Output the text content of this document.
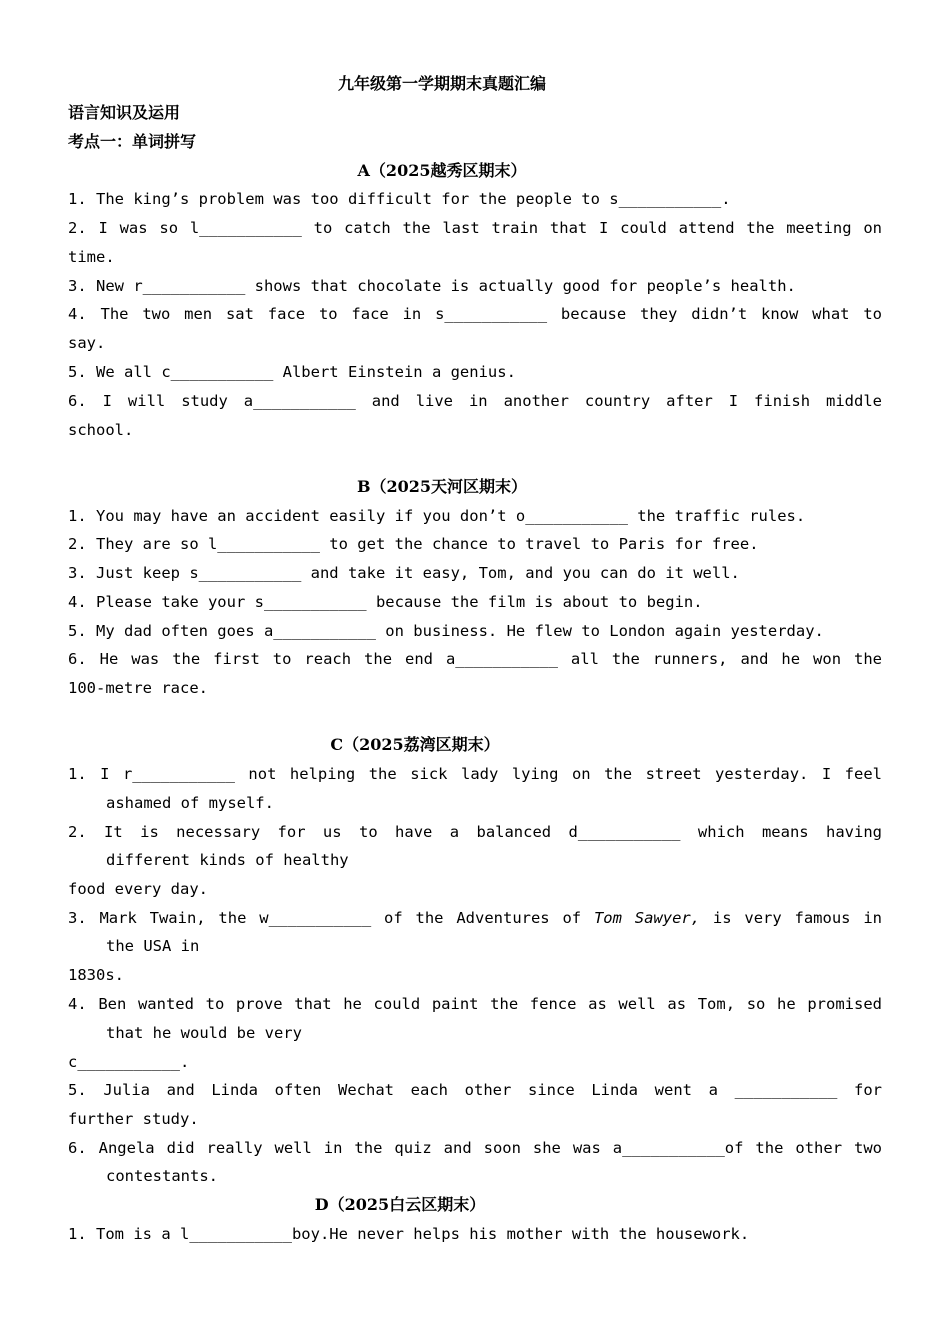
九年级第一学期期末真题汇编
语言知识及运用
考点一：单词拼写
A（2025越秀区期末）
1. The king’s problem was too difficult for the people to s___________.
2. I was so l___________ to catch the last train that I could attend the meeting on
time.
3. New r___________ shows that chocolate is actually good for people’s health.
4. The two men sat face to face in s___________ because they didn’t know what to
say.
5. We all c___________ Albert Einstein a genius.
6. I will study a___________ and live in another country after I finish middle
school.
B（2025天河区期末）
1. You may have an accident easily if you don’t o___________ the traffic rules.
2. They are so l___________ to get the chance to travel to Paris for free.
3. Just keep s___________ and take it easy, Tom, and you can do it well.
4. Please take your s___________ because the film is about to begin.
5. My dad often goes a___________ on business. He flew to London again yesterday.
6. He was the first to reach the end a___________ all the runners, and he won the
100-metre race.
C（2025荔湾区期末）
1. I r___________ not helping the sick lady lying on the street yesterday. I feel
ashamed of myself.
2. It is necessary for us to have a balanced d___________ which means having
different kinds of healthy
food every day.
3. Mark Twain, the w___________ of the Adventures of Tom Sawyer, is very famous in
the USA in
1830s.
4. Ben wanted to prove that he could paint the fence as well as Tom, so he promised
that he would be very
c___________.
5. Julia and Linda often Wechat each other since Linda went a ___________ for
further study.
6. Angela did really well in the quiz and soon she was a___________of the other two
contestants.
D（2025白云区期末）
1. Tom is a l___________boy.He never helps his mother with the housework.
